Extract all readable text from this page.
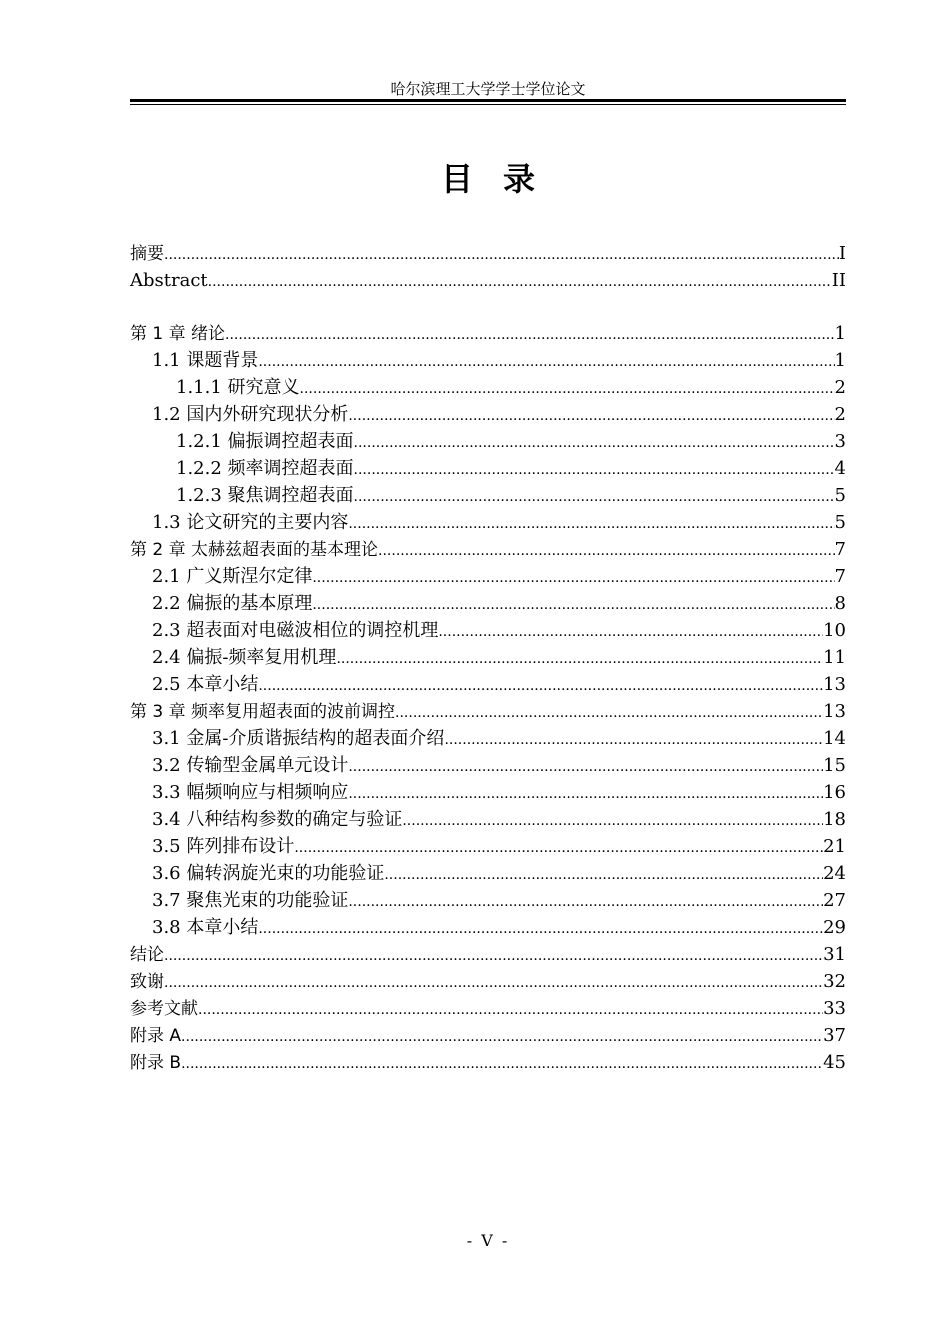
哈尔滨理工大学学士学位论文
目录
摘要 .....	I
Abstract .....	II
第 1 章 绪论 .....	1
1.1 课题背景 .....	1
1.1.1 研究意义 .....	2
1.2 国内外研究现状分析 .....	2
1.2.1 偏振调控超表面 .....	3
1.2.2 频率调控超表面 .....	4
1.2.3 聚焦调控超表面 .....	5
1.3 论文研究的主要内容 .....	5
第 2 章 太赫兹超表面的基本理论 .....	7
2.1 广义斯涅尔定律 .....	7
2.2 偏振的基本原理 .....	8
2.3 超表面对电磁波相位的调控机理 .....	10
2.4 偏振-频率复用机理 .....	11
2.5 本章小结 .....	13
第 3 章 频率复用超表面的波前调控 .....	13
3.1 金属-介质谐振结构的超表面介绍 .....	14
3.2 传输型金属单元设计 .....	15
3.3 幅频响应与相频响应 .....	16
3.4 八种结构参数的确定与验证 .....	18
3.5 阵列排布设计 .....	21
3.6 偏转涡旋光束的功能验证 .....	24
3.7 聚焦光束的功能验证 .....	27
3.8 本章小结 .....	29
结论 .....	31
致谢 .....	32
参考文献 .....	33
附录 A .....	37
附录 B .....	45
- V -
